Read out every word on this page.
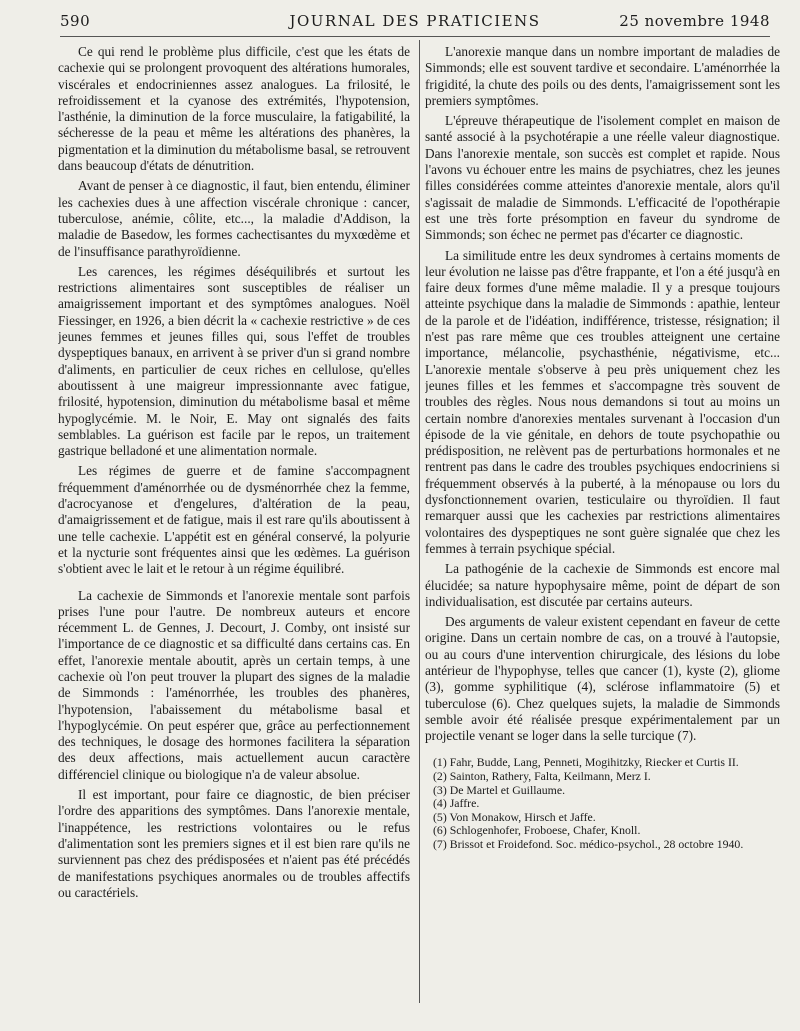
590	JOURNAL DES PRATICIENS	25 novembre 1948

Ce qui rend le problème plus difficile, c'est que les états de cachexie qui se prolongent provoquent des altérations humorales, viscérales et endocriniennes assez analogues. La frilosité, le refroidissement et la cyanose des extrémités, l'hypotension, l'asthénie, la diminution de la force musculaire, la fatigabilité, la sécheresse de la peau et même les altérations des phanères, la pigmentation et la diminution du métabolisme basal, se retrouvent dans beaucoup d'états de dénutrition.

Avant de penser à ce diagnostic, il faut, bien entendu, éliminer les cachexies dues à une affection viscérale chronique : cancer, tuberculose, anémie, côlite, etc..., la maladie d'Addison, la maladie de Basedow, les formes cachectisantes du myxœdème et de l'insuffisance parathyroïdienne.

Les carences, les régimes déséquilibrés et surtout les restrictions alimentaires sont susceptibles de réaliser un amaigrissement important et des symptômes analogues. Noël Fiessinger, en 1926, a bien décrit la « cachexie restrictive » de ces jeunes femmes et jeunes filles qui, sous l'effet de troubles dyspeptiques banaux, en arrivent à se priver d'un si grand nombre d'aliments, en particulier de ceux riches en cellulose, qu'elles aboutissent à une maigreur impressionnante avec fatigue, frilosité, hypotension, diminution du métabolisme basal et même hypoglycémie. M. le Noir, E. May ont signalés des faits semblables. La guérison est facile par le repos, un traitement gastrique belladoné et une alimentation normale.

Les régimes de guerre et de famine s'accompagnent fréquemment d'aménorrhée ou de dysménorrhée chez la femme, d'acrocyanose et d'engelures, d'altération de la peau, d'amaigrissement et de fatigue, mais il est rare qu'ils aboutissent à une telle cachexie. L'appétit est en général conservé, la polyurie et la nycturie sont fréquentes ainsi que les œdèmes. La guérison s'obtient avec le lait et le retour à un régime équilibré.

La cachexie de Simmonds et l'anorexie mentale sont parfois prises l'une pour l'autre. De nombreux auteurs et encore récemment L. de Gennes, J. Decourt, J. Comby, ont insisté sur l'importance de ce diagnostic et sa difficulté dans certains cas. En effet, l'anorexie mentale aboutit, après un certain temps, à une cachexie où l'on peut trouver la plupart des signes de la maladie de Simmonds : l'aménorrhée, les troubles des phanères, l'hypotension, l'abaissement du métabolisme basal et l'hypoglycémie. On peut espérer que, grâce au perfectionnement des techniques, le dosage des hormones facilitera la séparation des deux affections, mais actuellement aucun caractère différenciel clinique ou biologique n'a de valeur absolue.

Il est important, pour faire ce diagnostic, de bien préciser l'ordre des apparitions des symptômes. Dans l'anorexie mentale, l'inappétence, les restrictions volontaires ou le refus d'alimentation sont les premiers signes et il est bien rare qu'ils ne surviennent pas chez des prédisposées et n'aient pas été précédés de manifestations psychiques anormales ou de troubles affectifs ou caractériels.

L'anorexie manque dans un nombre important de maladies de Simmonds; elle est souvent tardive et secondaire. L'aménorrhée la frigidité, la chute des poils ou des dents, l'amaigrissement sont les premiers symptômes.

L'épreuve thérapeutique de l'isolement complet en maison de santé associé à la psychotérapie a une réelle valeur diagnostique. Dans l'anorexie mentale, son succès est complet et rapide. Nous l'avons vu échouer entre les mains de psychiatres, chez les jeunes filles considérées comme atteintes d'anorexie mentale, alors qu'il s'agissait de maladie de Simmonds. L'efficacité de l'opothérapie est une très forte présomption en faveur du syndrome de Simmonds; son échec ne permet pas d'écarter ce diagnostic.

La similitude entre les deux syndromes à certains moments de leur évolution ne laisse pas d'être frappante, et l'on a été jusqu'à en faire deux formes d'une même maladie. Il y a presque toujours atteinte psychique dans la maladie de Simmonds : apathie, lenteur de la parole et de l'idéation, indifférence, tristesse, résignation; il n'est pas rare même que ces troubles atteignent une certaine importance, mélancolie, psychasthénie, négativisme, etc... L'anorexie mentale s'observe à peu près uniquement chez les jeunes filles et les femmes et s'accompagne très souvent de troubles des règles. Nous nous demandons si tout au moins un certain nombre d'anorexies mentales survenant à l'occasion d'un épisode de la vie génitale, en dehors de toute psychopathie ou prédisposition, ne relèvent pas de perturbations hormonales et ne rentrent pas dans le cadre des troubles psychiques endocriniens si fréquemment observés à la puberté, à la ménopause ou lors du dysfonctionnement ovarien, testiculaire ou thyroïdien. Il faut remarquer aussi que les cachexies par restrictions alimentaires volontaires des dyspeptiques ne sont guère signalée que chez les femmes à terrain psychique spécial.

La pathogénie de la cachexie de Simmonds est encore mal élucidée; sa nature hypophysaire même, point de départ de son individualisation, est discutée par certains auteurs.

Des arguments de valeur existent cependant en faveur de cette origine. Dans un certain nombre de cas, on a trouvé à l'autopsie, ou au cours d'une intervention chirurgicale, des lésions du lobe antérieur de l'hypophyse, telles que cancer (1), kyste (2), gliome (3), gomme syphilitique (4), sclérose inflammatoire (5) et tuberculose (6). Chez quelques sujets, la maladie de Simmonds semble avoir été réalisée presque expérimentalement par un projectile venant se loger dans la selle turcique (7).

(1) Fahr, Budde, Lang, Penneti, Mogihitzky, Riecker et Curtis II.

(2) Sainton, Rathery, Falta, Keilmann, Merz I.

(3) De Martel et Guillaume.

(4) Jaffre.

(5) Von Monakow, Hirsch et Jaffe.

(6) Schlogenhofer, Froboese, Chafer, Knoll.

(7) Brissot et Froidefond. Soc. médico-psychol., 28 octobre 1940.
